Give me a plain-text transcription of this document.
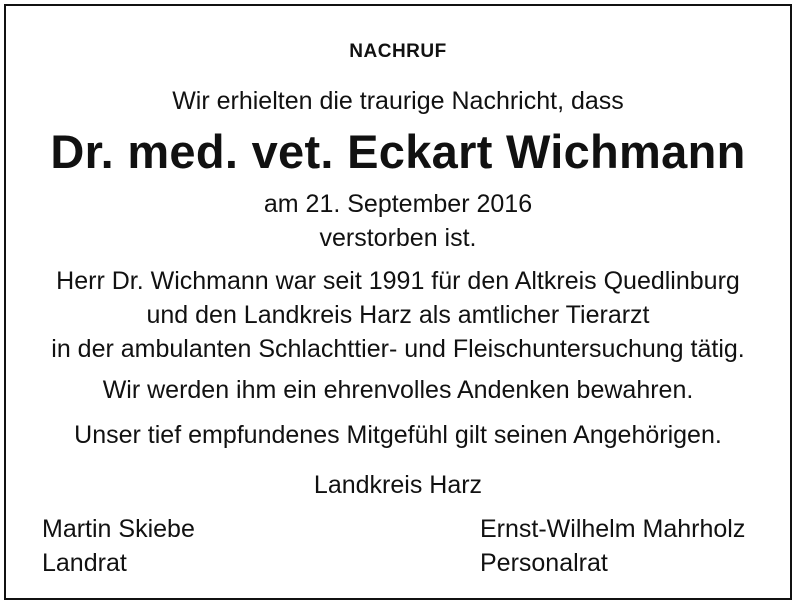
NACHRUF
Wir erhielten die traurige Nachricht, dass
Dr. med. vet. Eckart Wichmann
am 21. September 2016
verstorben ist.
Herr Dr. Wichmann war seit 1991 für den Altkreis Quedlinburg
und den Landkreis Harz als amtlicher Tierarzt
in der ambulanten Schlachttier- und Fleischuntersuchung tätig.
Wir werden ihm ein ehrenvolles Andenken bewahren.
Unser tief empfundenes Mitgefühl gilt seinen Angehörigen.
Landkreis Harz
Martin Skiebe
Landrat
Ernst-Wilhelm Mahrholz
Personalrat
